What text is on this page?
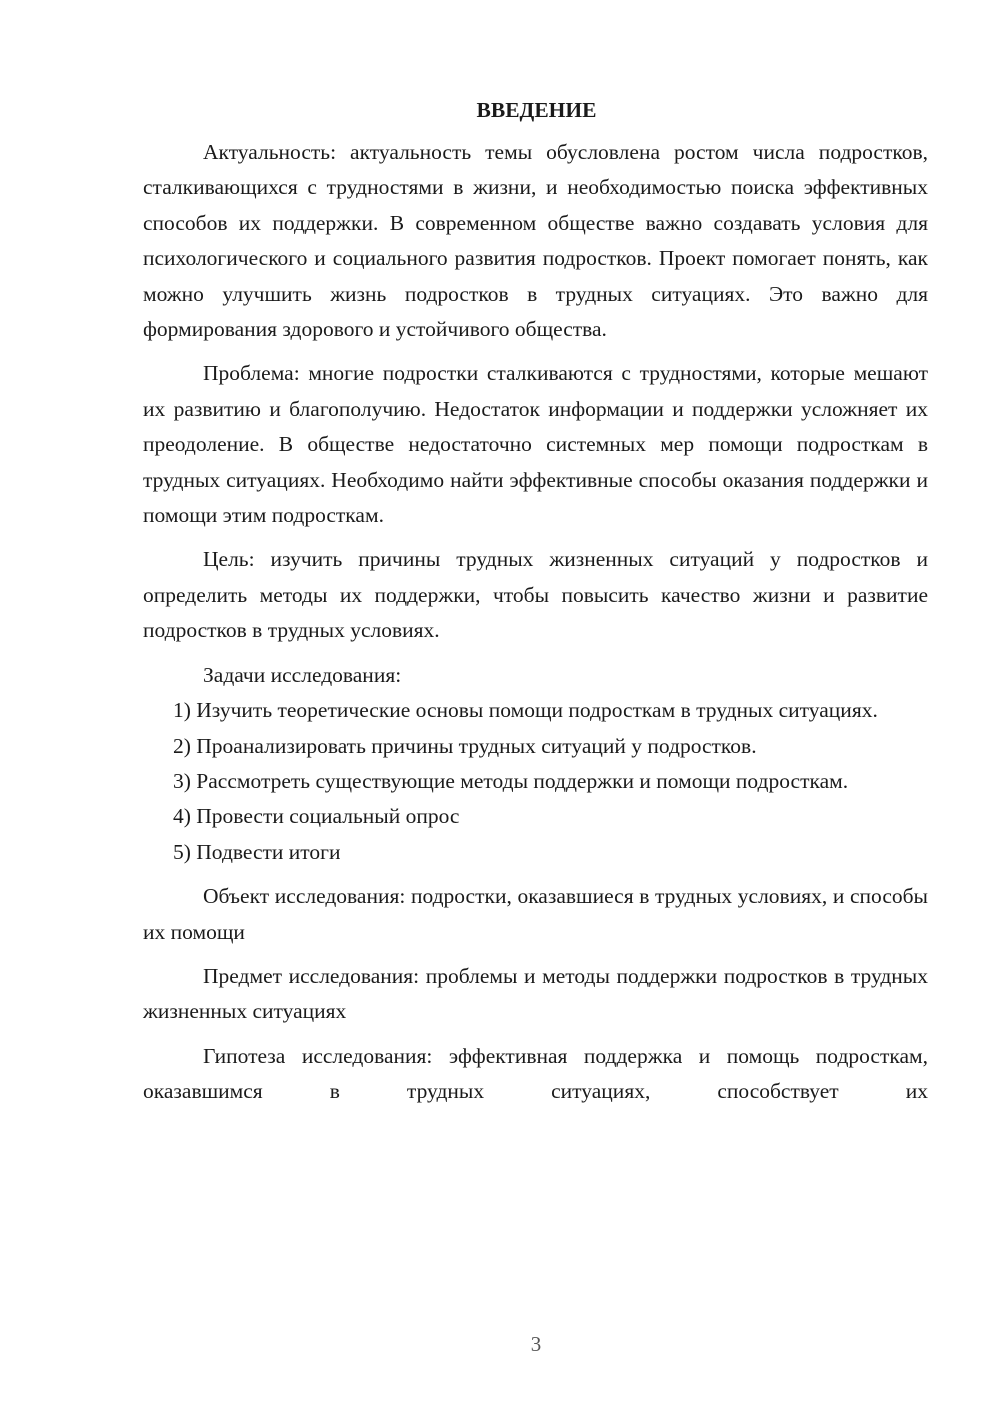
ВВЕДЕНИЕ

Актуальность: актуальность темы обусловлена ростом числа подростков, сталкивающихся с трудностями в жизни, и необходимостью поиска эффективных способов их поддержки. В современном обществе важно создавать условия для психологического и социального развития подростков. Проект помогает понять, как можно улучшить жизнь подростков в трудных ситуациях. Это важно для формирования здорового и устойчивого общества.

Проблема: многие подростки сталкиваются с трудностями, которые мешают их развитию и благополучию. Недостаток информации и поддержки усложняет их преодоление. В обществе недостаточно системных мер помощи подросткам в трудных ситуациях. Необходимо найти эффективные способы оказания поддержки и помощи этим подросткам.

Цель: изучить причины трудных жизненных ситуаций у подростков и определить методы их поддержки, чтобы повысить качество жизни и развитие подростков в трудных условиях.

Задачи исследования:

1) Изучить теоретические основы помощи подросткам в трудных ситуациях.

2) Проанализировать причины трудных ситуаций у подростков.

3) Рассмотреть существующие методы поддержки и помощи подросткам.

4) Провести социальный опрос

5) Подвести итоги

Объект исследования: подростки, оказавшиеся в трудных условиях, и способы их помощи

Предмет исследования: проблемы и методы поддержки подростков в трудных жизненных ситуациях

Гипотеза исследования: эффективная поддержка и помощь подросткам, оказавшимся в трудных ситуациях, способствует их

3
